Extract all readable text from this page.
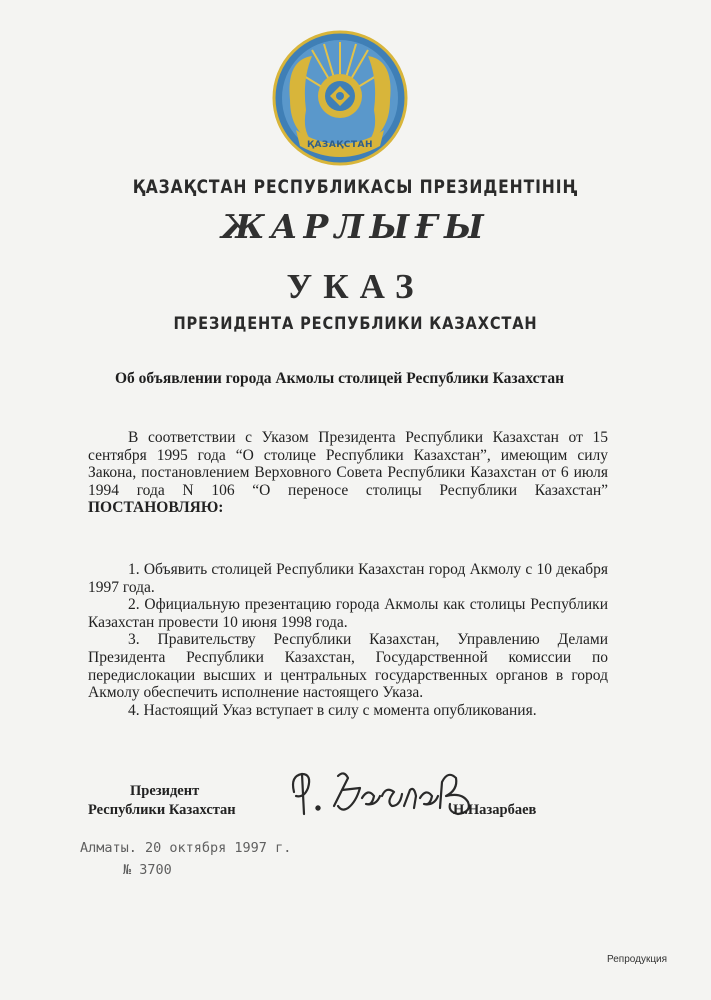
ҚАЗАҚСТАН
ҚАЗАҚСТАН РЕСПУБЛИКАСЫ ПРЕЗИДЕНТІНІҢ
ЖАРЛЫҒЫ
УКАЗ
ПРЕЗИДЕНТА РЕСПУБЛИКИ КАЗАХСТАН
Об объявлении города Акмолы столицей Республики Казахстан
В соответствии с Указом Президента Республики Казахстан от 15 сентября 1995 года “О столице Республики Казахстан”, имеющим силу Закона, постановлением Верховного Совета Республики Казахстан от 6 июля 1994 года N 106 “О переносе столицы Республики Казахстан” ПОСТАНОВЛЯЮ:

1. Объявить столицей Республики Казахстан город Акмолу с 10 декабря 1997 года.

2. Официальную презентацию города Акмолы как столицы Республики Казахстан провести 10 июня 1998 года.

3. Правительству Республики Казахстан, Управлению Делами Президента Республики Казахстан, Государственной комиссии по передислокации высших и центральных государственных органов в город Акмолу обеспечить исполнение настоящего Указа.

4. Настоящий Указ вступает в силу с момента опубликования.

Президент
Республики Казахстан	Н.Назарбаев
Алматы. 20 октября 1997 г.
№ 3700
Репродукция
